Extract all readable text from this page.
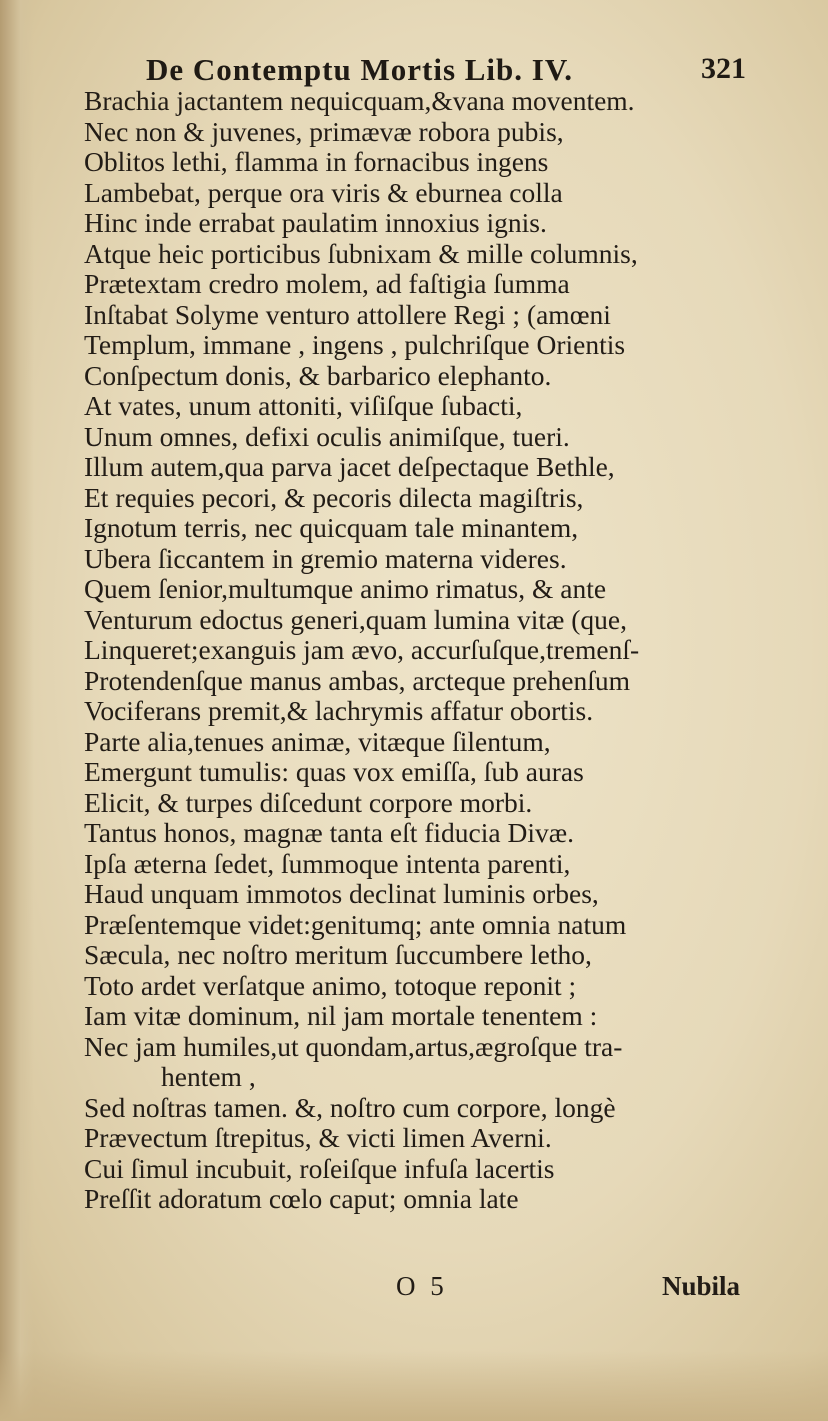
De Contemptu Mortis Lib. IV.	321
Brachia jactantem nequicquam,&vana moventem.
Nec non & juvenes, primævæ robora pubis,
Oblitos lethi, flamma in fornacibus ingens
Lambebat, perque ora viris & eburnea colla
Hinc inde errabat paulatim innoxius ignis.
Atque heic porticibus ſubnixam & mille columnis,
Prætextam credro molem, ad faſtigia ſumma
Inſtabat Solyme venturo attollere Regi ; (amœni
Templum, immane , ingens , pulchriſque Orientis
Conſpectum donis, & barbarico elephanto.
At vates, unum attoniti, viſiſque ſubacti,
Unum omnes, defixi oculis animiſque, tueri.
Illum autem,qua parva jacet deſpectaque Bethle,
Et requies pecori, & pecoris dilecta magiſtris,
Ignotum terris, nec quicquam tale minantem,
Ubera ſiccantem in gremio materna videres.
Quem ſenior,multumque animo rimatus, & ante
Venturum edoctus generi,quam lumina vitæ (que,
Linqueret;exanguis jam ævo, accurſuſque,tremenſ-
Protendenſque manus ambas, arcteque prehenſum
Vociferans premit,& lachrymis affatur obortis.
Parte alia,tenues animæ, vitæque ſilentum,
Emergunt tumulis: quas vox emiſſa, ſub auras
Elicit, & turpes diſcedunt corpore morbi.
Tantus honos, magnæ tanta eſt fiducia Divæ.
Ipſa æterna ſedet, ſummoque intenta parenti,
Haud unquam immotos declinat luminis orbes,
Præſentemque videt:genitumq; ante omnia natum
Sæcula, nec noſtro meritum ſuccumbere letho,
Toto ardet verſatque animo, totoque reponit ;
Iam vitæ dominum, nil jam mortale tenentem :
Nec jam humiles,ut quondam,artus,ægroſque tra-
hentem ,
Sed noſtras tamen. &, noſtro cum corpore, longè
Prævectum ſtrepitus, & victi limen Averni.
Cui ſimul incubuit, roſeiſque infuſa lacertis
Preſſit adoratum cœlo caput; omnia late
O 5	Nubila
